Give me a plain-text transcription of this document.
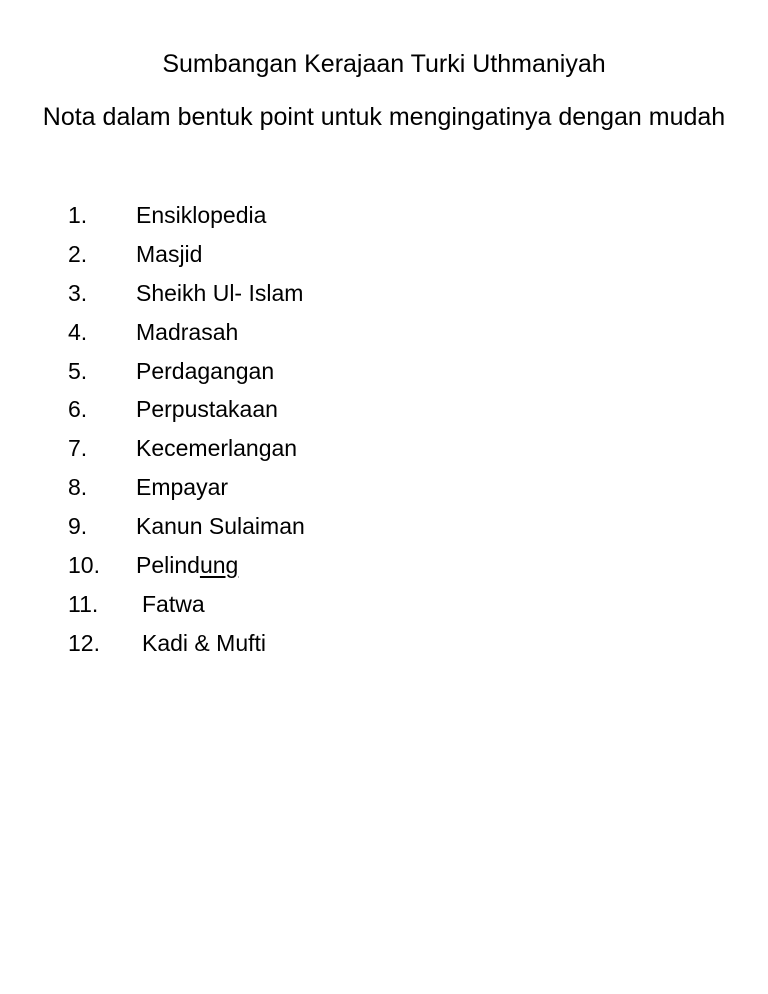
Sumbangan Kerajaan Turki Uthmaniyah
Nota dalam bentuk point untuk mengingatinya dengan mudah
1.	Ensiklopedia
2.	Masjid
3.	Sheikh Ul- Islam
4.	Madrasah
5.	Perdagangan
6.	Perpustakaan
7.	Kecemerlangan
8.	Empayar
9.	Kanun Sulaiman
10.	Pelindung
11.	Fatwa
12.	Kadi & Mufti
